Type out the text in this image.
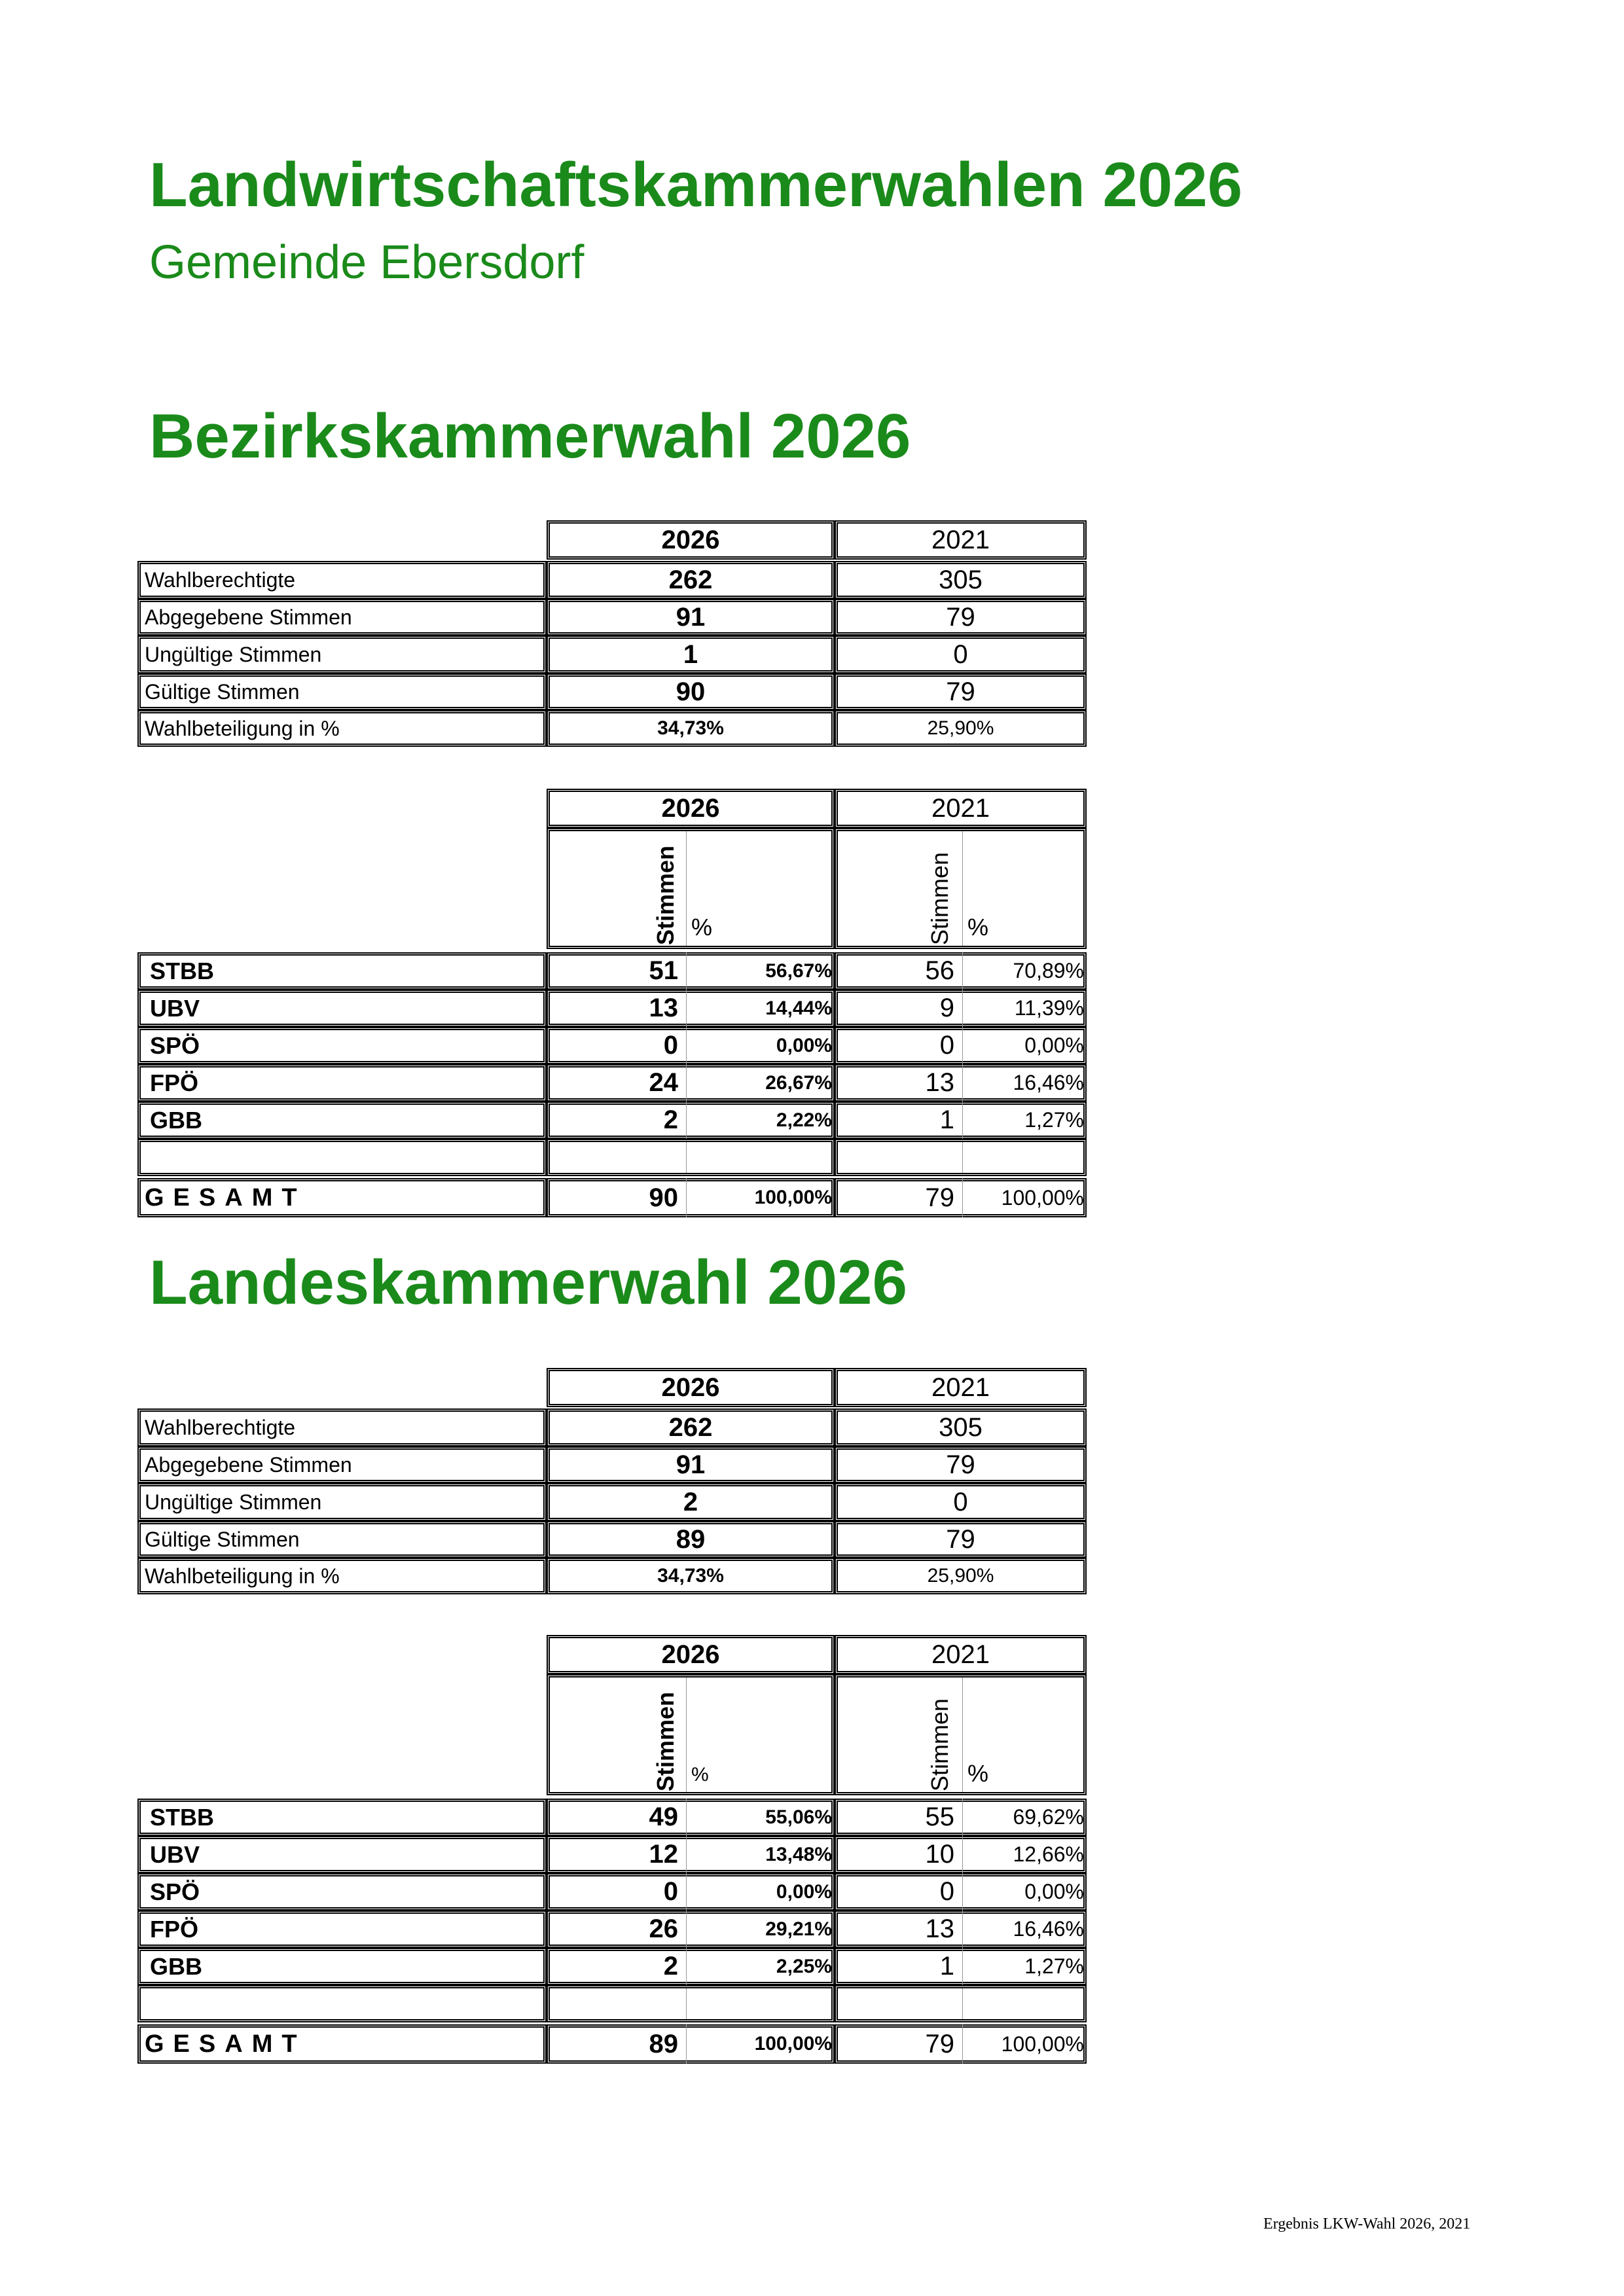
Landwirtschaftskammerwahlen 2026
Gemeinde Ebersdorf
Bezirkskammerwahl 2026
2026	2021
Wahlberechtigte	262	305
Abgegebene Stimmen	91	79
Ungültige Stimmen	1	0
Gültige Stimmen	90	79
Wahlbeteiligung in %	34,73%	25,90%
2026	2021
Stimmen %	Stimmen %
STBB	51	56,67%	56	70,89%
UBV	13	14,44%	9	11,39%
SPÖ	0	0,00%	0	0,00%
FPÖ	24	26,67%	13	16,46%
GBB	2	2,22%	1	1,27%
GESAMT	90	100,00%	79	100,00%
Landeskammerwahl 2026
2026	2021
Wahlberechtigte	262	305
Abgegebene Stimmen	91	79
Ungültige Stimmen	2	0
Gültige Stimmen	89	79
Wahlbeteiligung in %	34,73%	25,90%
2026	2021
Stimmen %	Stimmen %
STBB	49	55,06%	55	69,62%
UBV	12	13,48%	10	12,66%
SPÖ	0	0,00%	0	0,00%
FPÖ	26	29,21%	13	16,46%
GBB	2	2,25%	1	1,27%
GESAMT	89	100,00%	79	100,00%
Ergebnis LKW-Wahl 2026, 2021
